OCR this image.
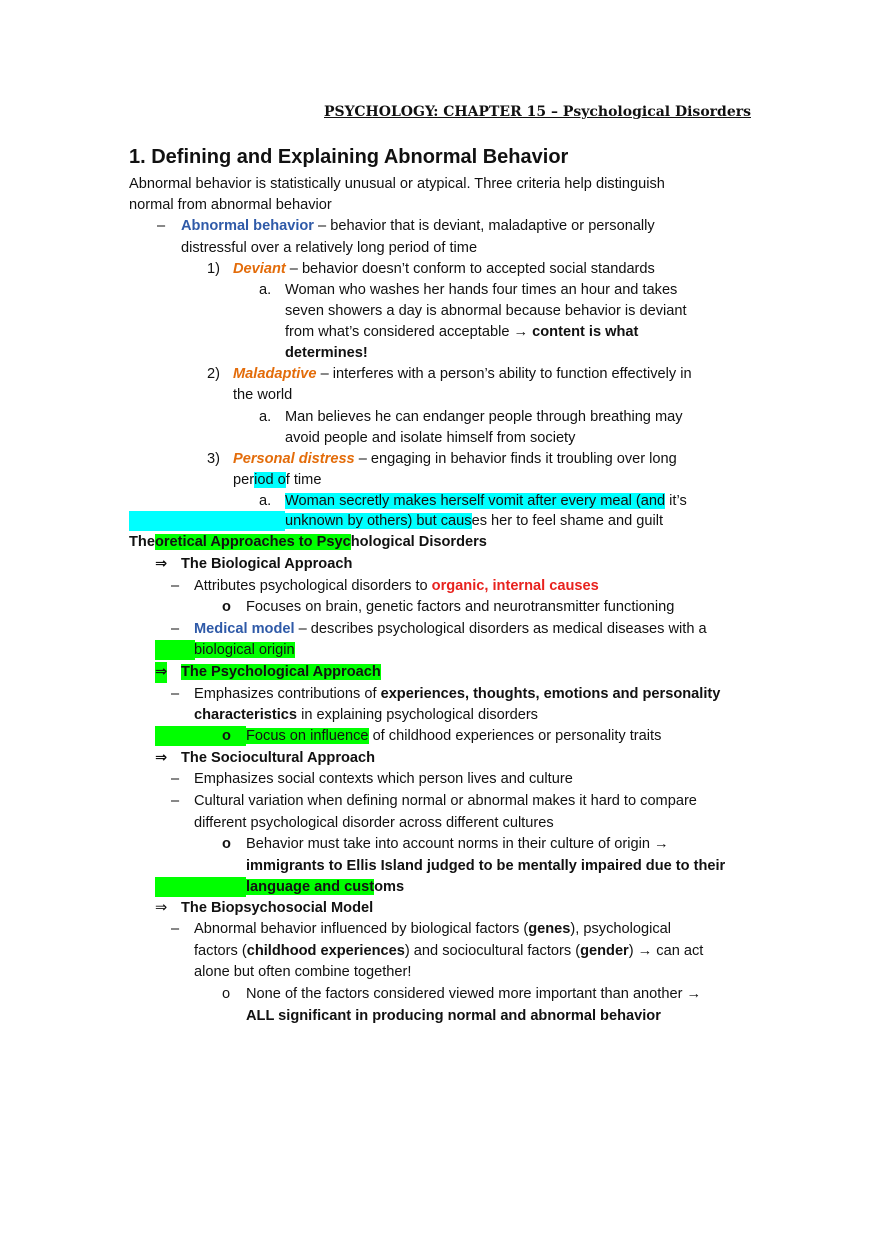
PSYCHOLOGY: CHAPTER 15 – Psychological Disorders
1. Defining and Explaining Abnormal Behavior
Abnormal behavior is statistically unusual or atypical. Three criteria help distinguish
normal from abnormal behavior
– Abnormal behavior – behavior that is deviant, maladaptive or personally
distressful over a relatively long period of time
1) Deviant – behavior doesn’t conform to accepted social standards
a. Woman who washes her hands four times an hour and takes
seven showers a day is abnormal because behavior is deviant
from what’s considered acceptable → content is what
determines!
2) Maladaptive – interferes with a person’s ability to function effectively in
the world
a. Man believes he can endanger people through breathing may
avoid people and isolate himself from society
3) Personal distress – engaging in behavior finds it troubling over long
period of time
a. Woman secretly makes herself vomit after every meal (and it’s
unknown by others) but causes her to feel shame and guilt
Theoretical Approaches to Psychological Disorders
⇒ The Biological Approach
– Attributes psychological disorders to organic, internal causes
o Focuses on brain, genetic factors and neurotransmitter functioning
– Medical model – describes psychological disorders as medical diseases with a
biological origin
⇒ The Psychological Approach
– Emphasizes contributions of experiences, thoughts, emotions and personality
characteristics in explaining psychological disorders
o Focus on influence of childhood experiences or personality traits
⇒ The Sociocultural Approach
– Emphasizes social contexts which person lives and culture
– Cultural variation when defining normal or abnormal makes it hard to compare
different psychological disorder across different cultures
o Behavior must take into account norms in their culture of origin →
immigrants to Ellis Island judged to be mentally impaired due to their
language and customs
⇒ The Biopsychosocial Model
– Abnormal behavior influenced by biological factors (genes), psychological
factors (childhood experiences) and sociocultural factors (gender) → can act
alone but often combine together!
o None of the factors considered viewed more important than another →
ALL significant in producing normal and abnormal behavior
